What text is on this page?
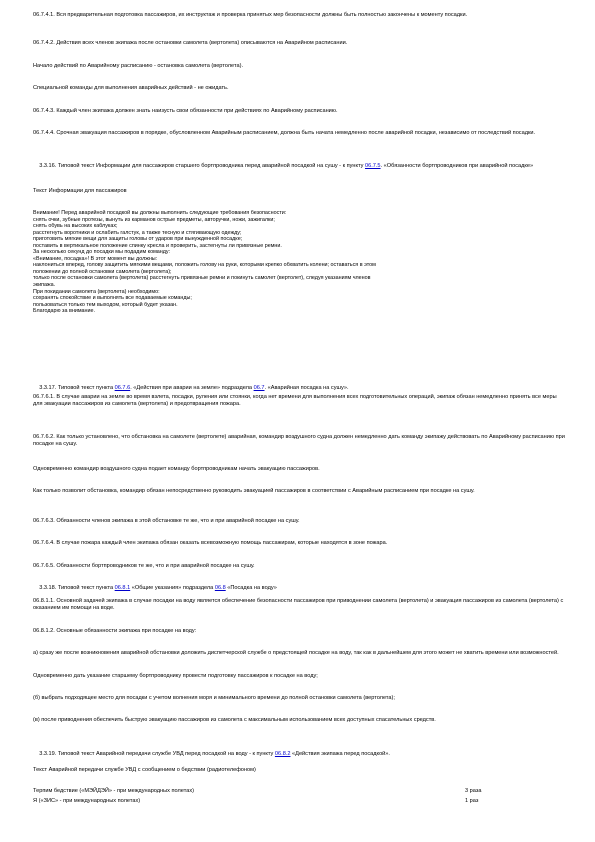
06.7.4.1. Вся предварительная подготовка пассажиров, их инструктаж и проверка принятых мер безопасности должны быть полностью закончены к моменту посадки.
06.7.4.2. Действия всех членов экипажа после остановки самолета (вертолета) описываются на Аварийном расписании.
Начало действий по Аварийному расписанию - остановка самолета (вертолета).
Специальной команды для выполнения аварийных действий - не ожидать.
06.7.4.3. Каждый член экипажа должен знать наизусть свои обязанности при действиях по Аварийному расписанию.
06.7.4.4. Срочная эвакуация пассажиров в порядке, обусловленном Аварийным расписанием, должна быть начата немедленно после аварийной посадки, независимо от последствий посадки.

3.3.16. Типовой текст Информации для пассажиров старшего бортпроводника перед аварийной посадкой на сушу - к пункту 06.7.5. «Обязанности бортпроводников при аварийной посадке»

Текст Информации для пассажиров
Внимание! Перед аварийной посадкой вы должны выполнить следующие требования безопасности:
снять очки, зубные протезы, вынуть из карманов острые предметы, авторучки, ножи, зажигалки;
снять обувь на высоких каблуках;
расстегнуть воротники и ослабить галстук, а также тесную и стягивающую одежду;
приготовить мягкие вещи для защиты головы от ударов при вынужденной посадке;
поставить в вертикальное положение спинку кресла и проверить, застегнуты ли привязные ремни.
За несколько секунд до посадки мы подадим команду:
«Внимание, посадка»! В этот момент вы должны:
наклониться вперед, голову защитить мягкими вещами, положить голову на руки, которыми крепко обхватить колени; оставаться в этом
положении до полной остановки самолета (вертолета);
только после остановки самолета (вертолета) расстегнуть привязные ремни и покинуть самолет (вертолет), следуя указаниям членов
экипажа.
При покидании самолета (вертолета) необходимо:
сохранять спокойствие и выполнять все подаваемые команды;
пользоваться только тем выходом, который будет указан.
Благодарю за внимание.

3.3.17. Типовой текст пункта 06.7.6. «Действия при аварии на земле» подраздела 06.7. «Аварийная посадка на сушу».

06.7.6.1. В случае аварии на земле во время взлета, посадки, руления или стоянки, когда нет времени для выполнения всех подготовительных операций, экипаж обязан немедленно принять все меры для эвакуации пассажиров из самолета (вертолета) и предотвращения пожара.
06.7.6.2. Как только установлено, что обстановка на самолете (вертолете) аварийная, командир воздушного судна должен немедленно дать команду экипажу действовать по Аварийному расписанию при посадке на сушу.
Одновременно командир воздушного судна подает команду бортпроводникам начать эвакуацию пассажиров.
Как только позволит обстановка, командир обязан непосредственно руководить эвакуацией пассажиров в соответствии с Аварийным расписанием при посадке на сушу.
06.7.6.3. Обязанности членов экипажа в этой обстановке те же, что и при аварийной посадке на сушу.
06.7.6.4. В случае пожара каждый член экипажа обязан оказать всевозможную помощь пассажирам, которые находятся в зоне пожара.
06.7.6.5. Обязанности бортпроводников те же, что и при аварийной посадке на сушу.

3.3.18. Типовой текст пункта 06.8.1 «Общие указания» подраздела 06.8 «Посадка на воду»

06.8.1.1. Основной задачей экипажа в случае посадки на воду является обеспечение безопасности пассажиров при приводнении самолета (вертолета) и эвакуация пассажиров из самолета (вертолета) с оказанием им помощи на воде.
06.8.1.2. Основные обязанности экипажа при посадке на воду:
а) сразу же после возникновения аварийной обстановки доложить диспетчерской службе о предстоящей посадке на воду, так как в дальнейшем для этого может не хватить времени или возможностей.
Одновременно дать указание старшему бортпроводнику провести подготовку пассажиров к посадке на воду;
(б) выбрать подходящее место для посадки с учетом волнения моря и минимального времени до полной остановки самолета (вертолета);
(в) после приводнения обеспечить быструю эвакуацию пассажиров из самолета с максимальным использованием всех доступных спасательных средств.

3.3.19. Типовой текст Аварийной передачи службе УВД перед посадкой на воду - к пункту 06.8.2 «Действия экипажа перед посадкой».

Текст Аварийной передачи службе УВД с сообщением о бедствии (радиотелефоном)
Терпим бедствие («МЭЙДЭЙ» - при международных полетах)	3 раза
Я («ЗИС» - при международных полетах)	1 раз
